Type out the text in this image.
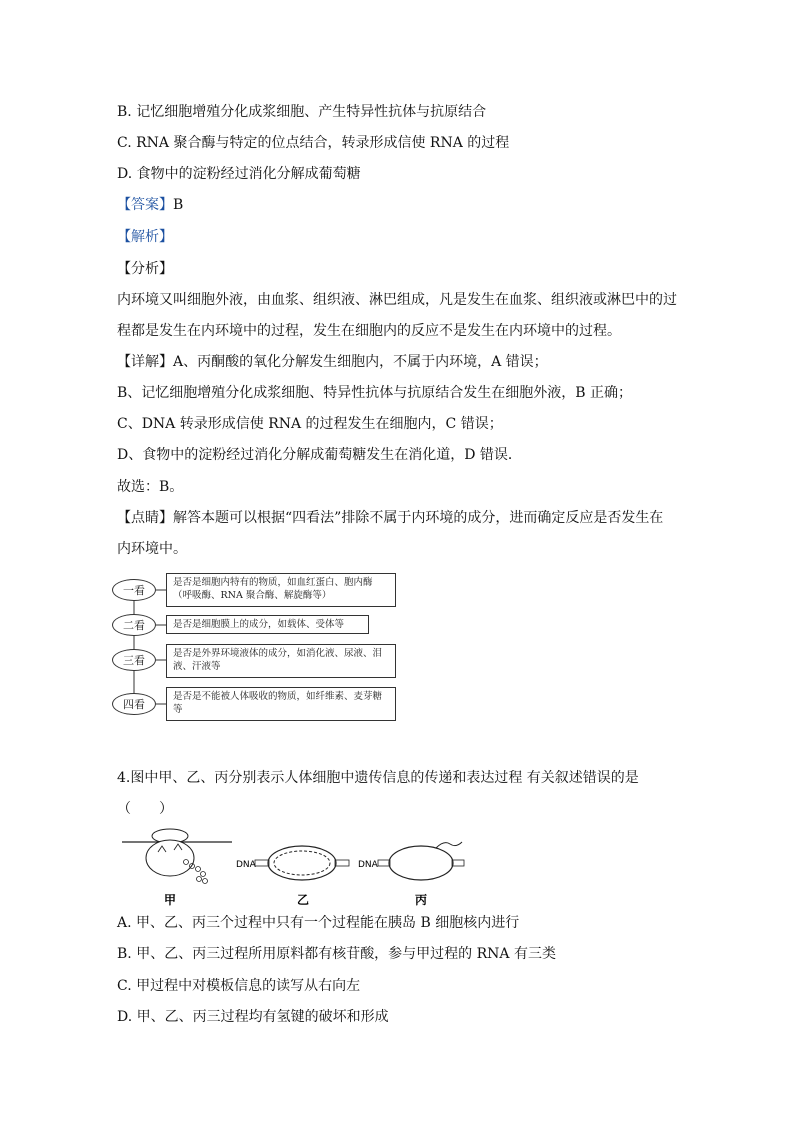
B. 记忆细胞增殖分化成浆细胞、产生特异性抗体与抗原结合
C. RNA 聚合酶与特定的位点结合，转录形成信使 RNA 的过程
D. 食物中的淀粉经过消化分解成葡萄糖
【答案】B
【解析】
【分析】
内环境又叫细胞外液，由血浆、组织液、淋巴组成，凡是发生在血浆、组织液或淋巴中的过
程都是发生在内环境中的过程，发生在细胞内的反应不是发生在内环境中的过程。
【详解】A、丙酮酸的氧化分解发生细胞内，不属于内环境，A 错误；
B、记忆细胞增殖分化成浆细胞、特异性抗体与抗原结合发生在细胞外液，B 正确；
C、DNA 转录形成信使 RNA 的过程发生在细胞内，C 错误；
D、食物中的淀粉经过消化分解成葡萄糖发生在消化道，D 错误．
故选：B。
【点睛】解答本题可以根据“四看法”排除不属于内环境的成分，进而确定反应是否发生在
内环境中。
一看
是否是细胞内特有的物质，如血红蛋白、胞内酶（呼吸酶、RNA 聚合酶、解旋酶等）
二看	是否是细胞膜上的成分，如载体、受体等
三看
是否是外界环境液体的成分，如消化液、尿液、泪液、汗液等
四看
是否是不能被人体吸收的物质，如纤维素、麦芽糖等
4.图中甲、乙、丙分别表示人体细胞中遗传信息的传递和表达过程 有关叙述错误的是
（　　）
甲
DNA
乙
DNA
丙
A. 甲、乙、丙三个过程中只有一个过程能在胰岛 B 细胞核内进行
B. 甲、乙、丙三过程所用原料都有核苷酸，参与甲过程的 RNA 有三类
C. 甲过程中对模板信息的读写从右向左
D. 甲、乙、丙三过程均有氢键的破坏和形成
